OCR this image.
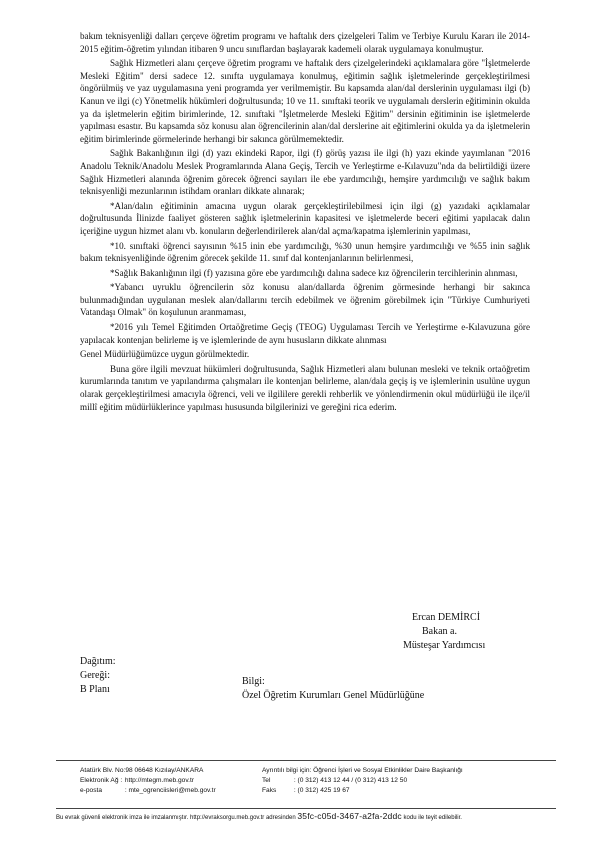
bakım teknisyenliği dalları çerçeve öğretim programı ve haftalık ders çizelgeleri Talim ve Terbiye Kurulu Kararı ile 2014-2015 eğitim-öğretim yılından itibaren 9 uncu sınıflardan başlayarak kademeli olarak uygulamaya konulmuştur.

Sağlık Hizmetleri alanı çerçeve öğretim programı ve haftalık ders çizelgelerindeki açıklamalara göre "İşletmelerde Mesleki Eğitim" dersi sadece 12. sınıfta uygulamaya konulmuş, eğitimin sağlık işletmelerinde gerçekleştirilmesi öngörülmüş ve yaz uygulamasına yeni programda yer verilmemiştir. Bu kapsamda alan/dal derslerinin uygulaması ilgi (b) Kanun ve ilgi (c) Yönetmelik hükümleri doğrultusunda; 10 ve 11. sınıftaki teorik ve uygulamalı derslerin eğitiminin okulda ya da işletmelerin eğitim birimlerinde, 12. sınıftaki "İşletmelerde Mesleki Eğitim" dersinin eğitiminin ise işletmelerde yapılması esastır. Bu kapsamda söz konusu alan öğrencilerinin alan/dal derslerine ait eğitimlerini okulda ya da işletmelerin eğitim birimlerinde görmelerinde herhangi bir sakınca görülmemektedir.

Sağlık Bakanlığının ilgi (d) yazı ekindeki Rapor, ilgi (f) görüş yazısı ile ilgi (h) yazı ekinde yayımlanan "2016 Anadolu Teknik/Anadolu Meslek Programlarında Alana Geçiş, Tercih ve Yerleştirme e-Kılavuzu"nda da belirtildiği üzere Sağlık Hizmetleri alanında öğrenim görecek öğrenci sayıları ile ebe yardımcılığı, hemşire yardımcılığı ve sağlık bakım teknisyenliği mezunlarının istihdam oranları dikkate alınarak;

*Alan/dalın eğitiminin amacına uygun olarak gerçekleştirilebilmesi için ilgi (g) yazıdaki açıklamalar doğrultusunda İlinizde faaliyet gösteren sağlık işletmelerinin kapasitesi ve işletmelerde beceri eğitimi yapılacak dalın içeriğine uygun hizmet alanı vb. konuların değerlendirilerek alan/dal açma/kapatma işlemlerinin yapılması,

*10. sınıftaki öğrenci sayısının %15 inin ebe yardımcılığı, %30 unun hemşire yardımcılığı ve %55 inin sağlık bakım teknisyenliğinde öğrenim görecek şekilde 11. sınıf dal kontenjanlarının belirlenmesi,

*Sağlık Bakanlığının ilgi (f) yazısına göre ebe yardımcılığı dalına sadece kız öğrencilerin tercihlerinin alınması,

*Yabancı uyruklu öğrencilerin söz konusu alan/dallarda öğrenim görmesinde herhangi bir sakınca bulunmadığından uygulanan meslek alan/dallarını tercih edebilmek ve öğrenim görebilmek için "Türkiye Cumhuriyeti Vatandaşı Olmak" ön koşulunun aranmaması,

*2016 yılı Temel Eğitimden Ortaöğretime Geçiş (TEOG) Uygulaması Tercih ve Yerleştirme e-Kılavuzuna göre yapılacak kontenjan belirleme iş ve işlemlerinde de aynı hususların dikkate alınması

Genel Müdürlüğümüzce uygun görülmektedir.

Buna göre ilgili mevzuat hükümleri doğrultusunda, Sağlık Hizmetleri alanı bulunan mesleki ve teknik ortaöğretim kurumlarında tanıtım ve yapılandırma çalışmaları ile kontenjan belirleme, alan/dala geçiş iş ve işlemlerinin usulüne uygun olarak gerçekleştirilmesi amacıyla öğrenci, veli ve ilgililere gerekli rehberlik ve yönlendirmenin okul müdürlüğü ile ilçe/il millî eğitim müdürlüklerince yapılması hususunda bilgilerinizi ve gereğini rica ederim.

Ercan DEMİRCİ
Bakan a.
Müsteşar Yardımcısı
Dağıtım:
Gereği:
B Planı
Bilgi:
Özel Öğretim Kurumları Genel Müdürlüğüne
Atatürk Blv. No:98 06648 Kızılay/ANKARA
Elektronik Ağ : http://mtegm.meb.gov.tr
e-posta	: mte_ogrenciisleri@meb.gov.tr
Ayrıntılı bilgi için: Öğrenci İşleri ve Sosyal Etkinlikler Daire Başkanlığı
Tel	: (0 312) 413 12 44 / (0 312) 413 12 50
Faks	: (0 312) 425 19 67
Bu evrak güvenli elektronik imza ile imzalanmıştır. http://evraksorgu.meb.gov.tr adresinden 35fc-c05d-3467-a2fa-2ddc kodu ile teyit edilebilir.
